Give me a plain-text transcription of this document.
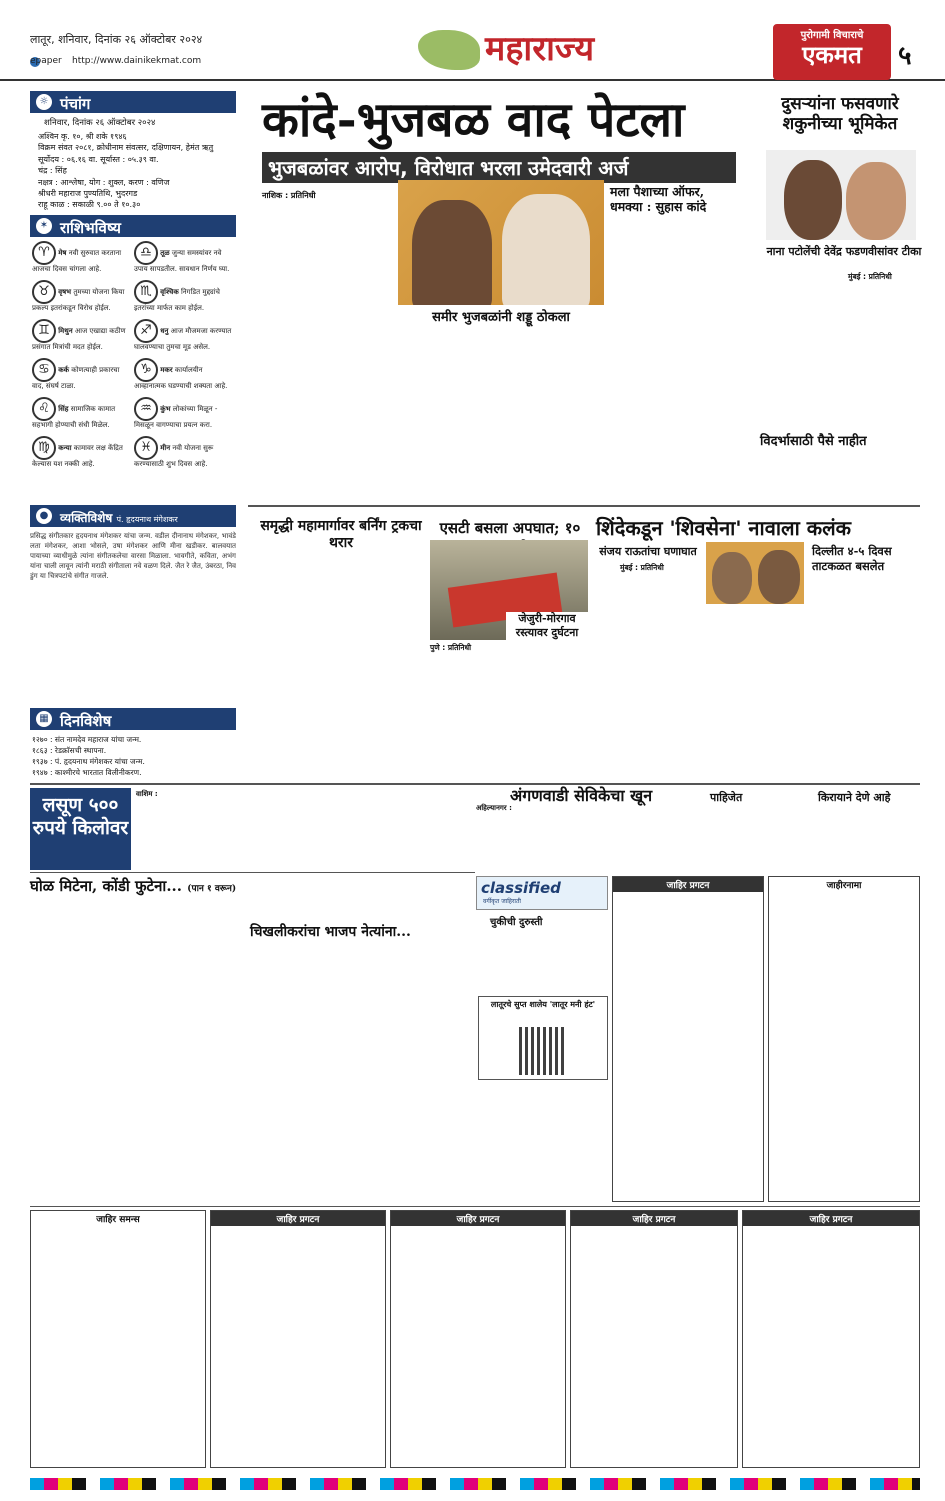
लातूर, शनिवार, दिनांक २६ ऑक्टोबर २०२४
epaper http://www.dainikekmat.com	महाराज्य	पुरोगामी विचाराचे
एकमत	५
☼ पंचांग
शनिवार, दिनांक २६ ऑक्टोबर २०२४
अश्विन कृ. १०, श्री शके १९४६
विक्रम संवत २०८१, क्रोधीनाम संवत्सर, दक्षिणायन, हेमंत ऋतु
सूर्योदय : ०६.१६ वा. सूर्यास्त : ०५.३९ वा.
चंद्र : सिंह
नक्षत्र : आश्लेषा, योग : शुक्ल, करण : वणिज
श्रीधरी महाराज पुण्यतिथि, भुदरगड
राहू काळ : सकाळी ९.०० ते १०.३०
✶ राशिभविष्य
♈ मेष नवी सुरुवात करताना आजचा दिवस चांगला आहे.
♎ तूळ जुन्या समस्यांवर नवे उपाय सापडतील. सावधान निर्णय घ्या.
♉ वृषभ तुमच्या योजना किया प्रकल्प इतरांकडून विरोध होईल.
♏ वृश्चिक निगडित मुद्द्यांचे इतरांच्या मार्फत काम होईल.
♊ मिथुन आज एखाद्या कठीण प्रसंगात मित्रांची मदत होईल.
♐ धनु आज मौजमजा करण्यात घालवण्याचा तुमचा मूड असेल.
♋ कर्क कोणत्याही प्रकारचा वाद, संघर्ष टाळा.
♑ मकर कार्यालयीन आव्हानात्मक घडण्याची शक्यता आहे.
♌ सिंह सामाजिक कामात सहभागी होण्याची संधी मिळेल.
♒ कुंभ लोकांच्या मिळून - मिसळून वागण्याचा प्रयत्न करा.
♍ कन्या कामावर लक्ष केंद्रित केल्यास यश नक्की आहे.
♓ मीन नवी योजना सुरू करण्यासाठी शुभ दिवस आहे.
● व्यक्तिविशेष पं. हृदयनाथ मंगेशकर
प्रसिद्ध संगीतकार हृदयनाथ मंगेशकर यांचा जन्म. वडील दीनानाथ मंगेशकर, भावंडे लता मंगेशकर, आशा भोसले, उषा मंगेशकर आणि मीना खडीकर. बालवयात पायाच्या व्याधीमुळे त्यांना संगीतकलेचा वारसा मिळाला. भावगीते, कविता, अभंग यांना चाली लावून त्यांनी मराठी संगीताला नवे वळण दिले. जैत रे जैत, उंबरठा, निवडुंग या चित्रपटांचे संगीत गाजले.
▦ दिनविशेष
१२७० : संत नामदेव महाराज यांचा जन्म.
१८६३ : रेडक्रॉसची स्थापना.
१९३७ : पं. हृदयनाथ मंगेशकर यांचा जन्म.
१९४७ : काश्मीरचे भारतात विलीनीकरण.
कांदे-भुजबळ वाद पेटला
भुजबळांवर आरोप, विरोधात भरला उमेदवारी अर्ज
नाशिक : प्रतिनिधी
समीर भुजबळांनी शड्डू ठोकला
मला पैशाच्या ऑफर, धमक्या : सुहास कांदे
दुसऱ्यांना फसवणारे शकुनीच्या भूमिकेत
नाना पटोलेंची देवेंद्र फडणवीसांवर टीका
मुंबई : प्रतिनिधी
विदर्भासाठी पैसे नाहीत
समृद्धी महामार्गावर बर्निंग ट्रकचा थरार
एसटी बसला अपघात; १०
पुणे : प्रतिनिधी
जेजुरी-मोरगाव रस्त्यावर दुर्घटना
शिंदेकडून 'शिवसेना' नावाला कलंक
संजय राऊतांचा घणाघात
मुंबई : प्रतिनिधी
दिल्लीत ४-५ दिवस ताटकळत बसलेत
लसूण ५०० रुपये किलोवर
वाशिम :	अंगणवाडी सेविकेचा खून
अहिल्यानगर :
पाहिजेत	किरायाने देणे आहे
घोळ मिटेना, कोंडी फुटेना... (पान १ वरून)
चिखलीकरांचा भाजप नेत्यांना...
classified
वर्गीकृत जाहिराती
चुकीची दुरुस्ती
लातूरचे सुप्त शालेय 'लातूर मनी हंट'
जाहिर प्रगटन	जाहीरनामा
जाहिर समन्स	जाहिर प्रगटन	जाहिर प्रगटन	जाहिर प्रगटन	जाहिर प्रगटन
